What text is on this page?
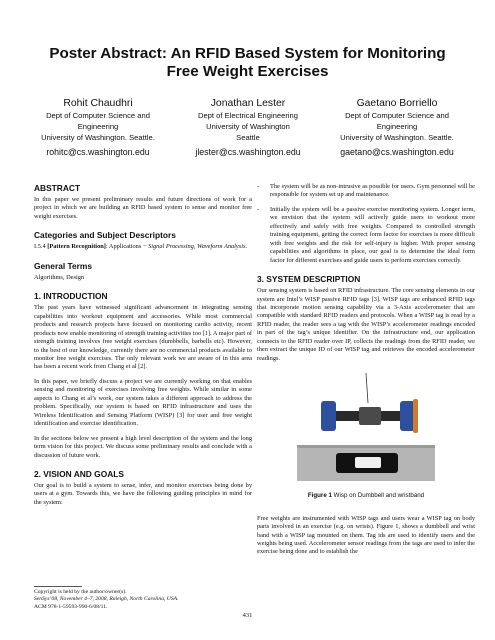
Poster Abstract: An RFID Based System for Monitoring
Free Weight Exercises
Rohit Chaudhri
Dept of Computer Science and
Engineering
University of Washington. Seattle.
rohitc@cs.washington.edu
Jonathan Lester
Dept of Electrical Engineering
University of Washington
Seattle
jlester@cs.washington.edu
Gaetano Borriello
Dept of Computer Science and
Engineering
University of Washington. Seattle.
gaetano@cs.washington.edu
ABSTRACT

In this paper we present preliminary results and future directions of work for a project in which we are building an RFID based system to sense and monitor free weight exercises.

Categories and Subject Descriptors

I.5.4 [Pattern Recognition]: Applications − Signal Processing, Waveform Analysis.

General Terms

Algorithms, Design

1. INTRODUCTION

The past years have witnessed significant advancement in integrating sensing capabilities into workout equipment and accessories. While most commercial products and research projects have focused on monitoring cardio activity, recent products now enable monitoring of strength training activities too [1]. A major part of strength training involves free weight exercises (dumbbells, barbells etc). However, to the best of our knowledge, currently there are no commercial products available to monitor free weight exercises. The only relevant work we are aware of in this area has been a recent work from Chang et al [2].

In this paper, we briefly discuss a project we are currently working on that enables sensing and monitoring of exercises involving free weights. While similar in some aspects to Chang et al’s work, our system takes a different approach to address the problem. Specifically, our system is based on RFID infrastructure and uses the Wireless Identification and Sensing Platform (WISP) [3] for user and free weight identification and exercise identification.

In the sections below we present a high level description of the system and the long term vision for this project. We discuss some preliminary results and conclude with a discussion of future work.

2. VISION AND GOALS

Our goal is to build a system to sense, infer, and monitor exercises being done by users at a gym. Towards this, we have the following guiding principles in mind for the system:

Copyright is held by the author/owner(s).
SenSys’08, November 4–7, 2008, Raleigh, North Carolina, USA.
ACM 978-1-59593-990-6/08/11.
-	The system will be as non-intrusive as possible for users. Gym personnel will be responsible for system set up and maintenance.
-	Initially the system will be a passive exercise monitoring system. Longer term, we envision that the system will actively guide users to workout more effectively and safely with free weights. Compared to controlled strength training equipment, getting the correct form factor for exercises is more difficult with free weights and the risk for self-injury is higher. With proper sensing capabilities and algorithms in place, our goal is to determine the ideal form factor for different exercises and guide users to perform exercises correctly.
3. SYSTEM DESCRIPTION

Our sensing system is based on RFID infrastructure. The core sensing elements in our system are Intel’s WISP passive RFID tags [3]. WISP tags are enhanced RFID tags that incorporate motion sensing capability via a 3-Axis accelerometer that are compatible with standard RFID readers and protocols. When a WISP tag is read by a RFID reader, the reader sees a tag with the WISP’s accelerometer readings encoded in part of the tag’s unique identifier. On the infrastructure end, our application connects to the RFID reader over IP, collects the readings from the RFID reader, we then extract the unique ID of our WISP tag and retrieves the encoded accelerometer readings.

Figure 1 Wisp on Dumbbell and wristband

Free weights are instrumented with WISP tags and users wear a WISP tag on body parts involved in an exercise (e.g. on wrists). Figure 1, shows a dumbbell and wrist band with a WISP tag mounted on them. Tag ids are used to identify users and the weights being used. Accelerometer sensor readings from the tags are used to infer the exercise being done and to establish the

431
